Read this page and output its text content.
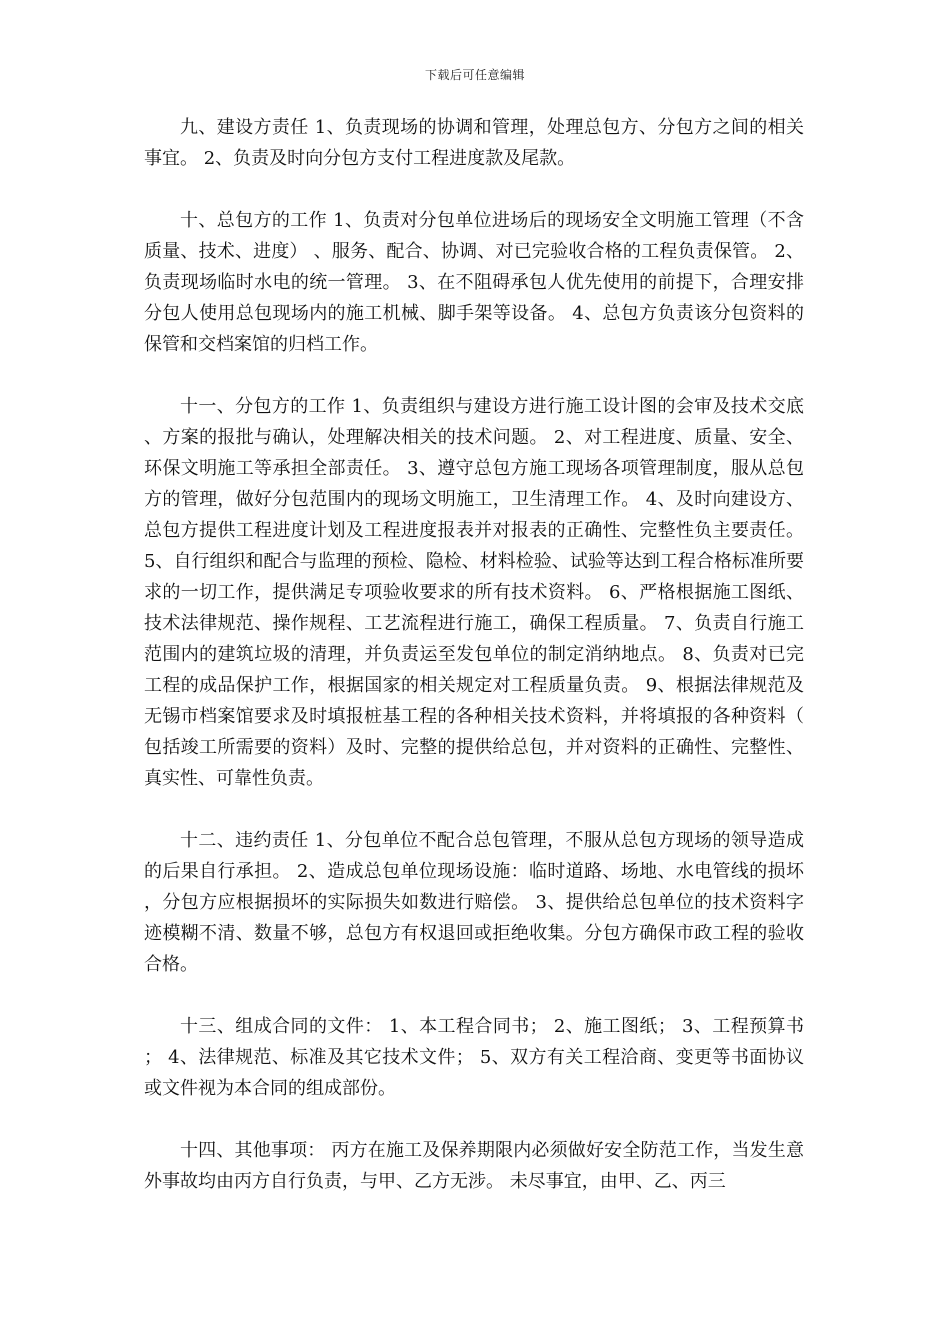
下载后可任意编辑

九、建设方责任 1、负责现场的协调和管理，处理总包方、分包方之间的相关事宜。 2、负责及时向分包方支付工程进度款及尾款。

十、总包方的工作 1、负责对分包单位进场后的现场安全文明施工管理（不含质量、技术、进度） 、服务、配合、协调、对已完验收合格的工程负责保管。 2、负责现场临时水电的统一管理。 3、在不阻碍承包人优先使用的前提下，合理安排分包人使用总包现场内的施工机械、脚手架等设备。 4、总包方负责该分包资料的保管和交档案馆的归档工作。

十一、分包方的工作 1、负责组织与建设方进行施工设计图的会审及技术交底、方案的报批与确认，处理解决相关的技术问题。 2、对工程进度、质量、安全、环保文明施工等承担全部责任。 3、遵守总包方施工现场各项管理制度，服从总包方的管理，做好分包范围内的现场文明施工，卫生清理工作。 4、及时向建设方、总包方提供工程进度计划及工程进度报表并对报表的正确性、完整性负主要责任。 5、自行组织和配合与监理的预检、隐检、材料检验、试验等达到工程合格标准所要求的一切工作，提供满足专项验收要求的所有技术资料。 6、严格根据施工图纸、技术法律规范、操作规程、工艺流程进行施工，确保工程质量。 7、负责自行施工范围内的建筑垃圾的清理，并负责运至发包单位的制定消纳地点。 8、负责对已完工程的成品保护工作，根据国家的相关规定对工程质量负责。 9、根据法律规范及无锡市档案馆要求及时填报桩基工程的各种相关技术资料，并将填报的各种资料（包括竣工所需要的资料）及时、完整的提供给总包，并对资料的正确性、完整性、真实性、可靠性负责。

十二、违约责任 1、分包单位不配合总包管理，不服从总包方现场的领导造成的后果自行承担。 2、造成总包单位现场设施：临时道路、场地、水电管线的损坏，分包方应根据损坏的实际损失如数进行赔偿。 3、提供给总包单位的技术资料字迹模糊不清、数量不够，总包方有权退回或拒绝收集。分包方确保市政工程的验收合格。

十三、组成合同的文件： 1、本工程合同书； 2、施工图纸； 3、工程预算书； 4、法律规范、标准及其它技术文件； 5、双方有关工程洽商、变更等书面协议或文件视为本合同的组成部份。

十四、其他事项： 丙方在施工及保养期限内必须做好安全防范工作，当发生意外事故均由丙方自行负责，与甲、乙方无涉。 未尽事宜，由甲、乙、丙三
